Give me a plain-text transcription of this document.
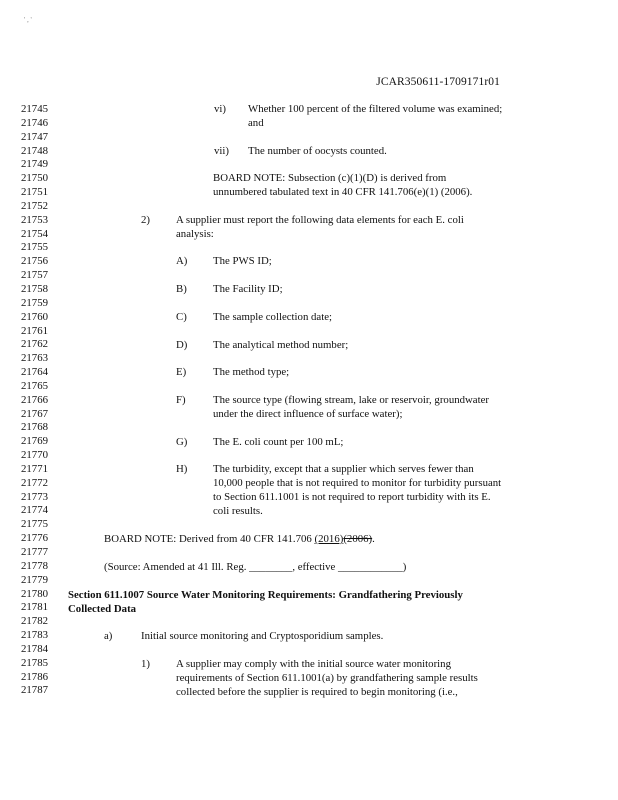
' , '
JCAR350611-1709171r01
21745
21746
21747
21748
21749
21750
21751
21752
21753
21754
21755
21756
21757
21758
21759
21760
21761
21762
21763
21764
21765
21766
21767
21768
21769
21770
21771
21772
21773
21774
21775
21776
21777
21778
21779
21780
21781
21782
21783
21784
21785
21786
21787
vi) Whether 100 percent of the filtered volume was examined;
and
vii) The number of oocysts counted.
BOARD NOTE: Subsection (c)(1)(D) is derived from
unnumbered tabulated text in 40 CFR 141.706(e)(1) (2006).
2) A supplier must report the following data elements for each E. coli
analysis:
A) The PWS ID;
B) The Facility ID;
C) The sample collection date;
D) The analytical method number;
E) The method type;
F)	The source type (flowing stream, lake or reservoir, groundwater
under the direct influence of surface water);
G) The E. coli count per 100 mL;
H) The turbidity, except that a supplier which serves fewer than
10,000 people that is not required to monitor for turbidity pursuant
to Section 611.1001 is not required to report turbidity with its E.
coli results.
BOARD NOTE: Derived from 40 CFR 141.706 (2016)(2006).
(Source: Amended at 41 Ill. Reg. ________, effective ____________)
Section 611.1007 Source Water Monitoring Requirements: Grandfathering Previously
Collected Data
a)	Initial source monitoring and Cryptosporidium samples.
1) A supplier may comply with the initial source water monitoring
requirements of Section 611.1001(a) by grandfathering sample results
collected before the supplier is required to begin monitoring (i.e.,
